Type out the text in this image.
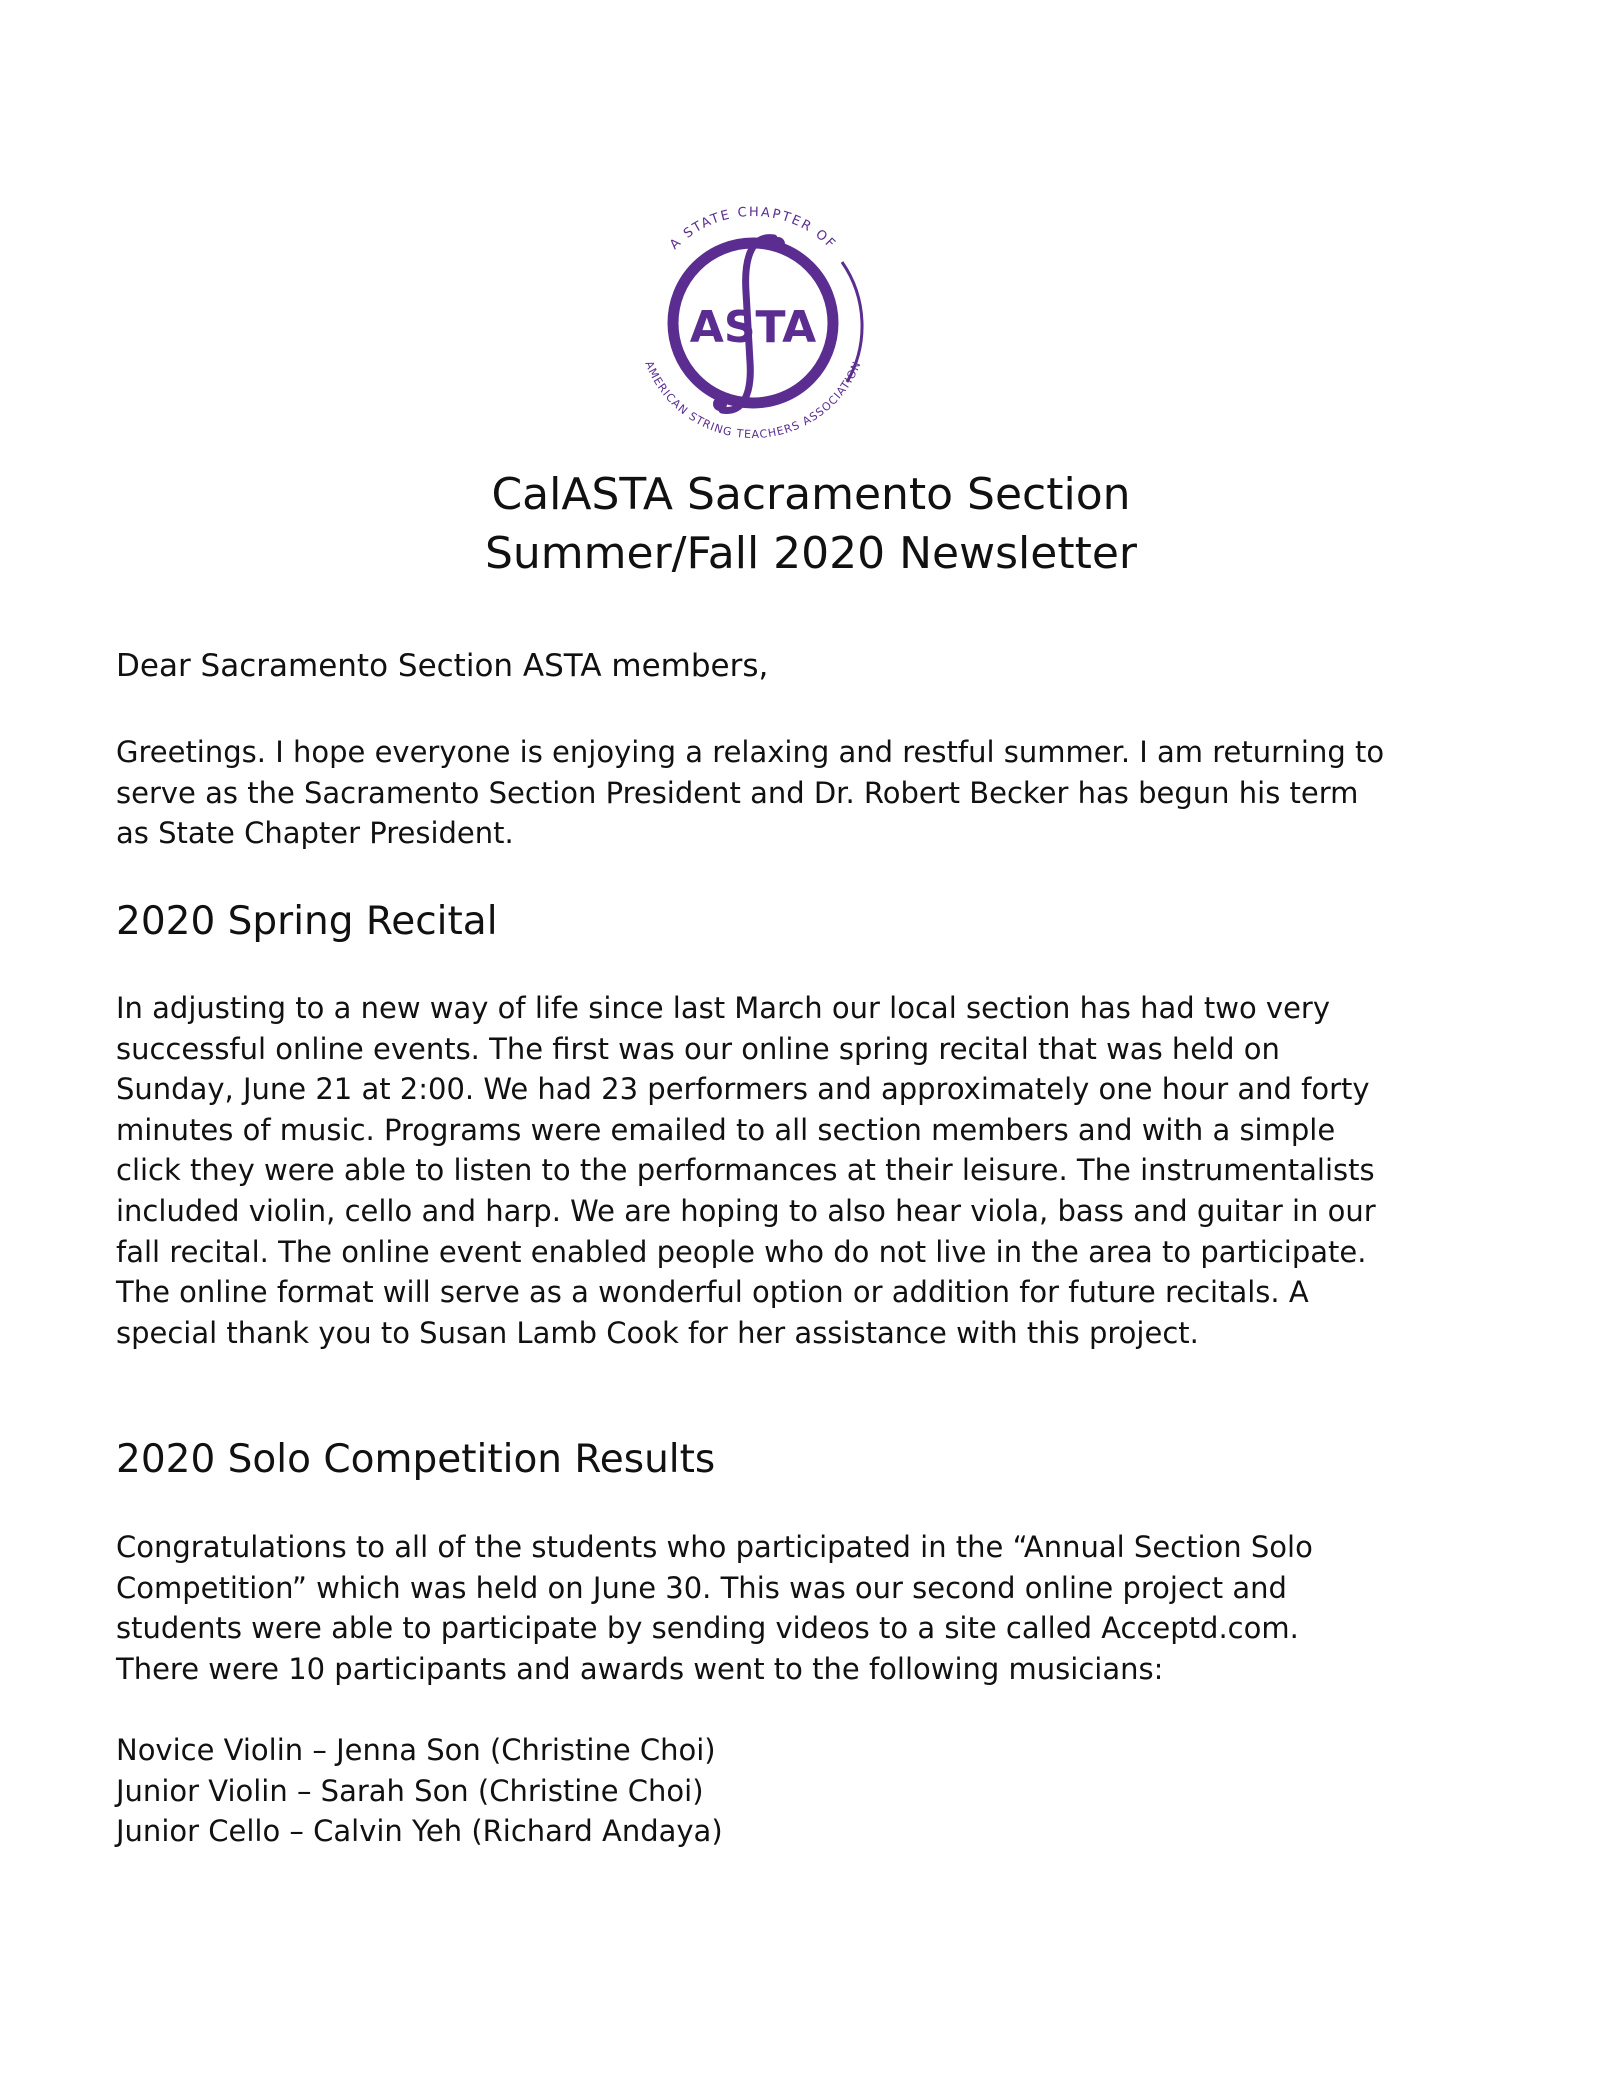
ASTA
A STATE CHAPTER OF
AMERICAN STRING TEACHERS ASSOCIATION
CalASTA Sacramento Section
Summer/Fall 2020 Newsletter

Dear Sacramento Section ASTA members,

Greetings. I hope everyone is enjoying a relaxing and restful summer. I am returning to serve as the Sacramento Section President and Dr. Robert Becker has begun his term as State Chapter President.

2020 Spring Recital

In adjusting to a new way of life since last March our local section has had two very successful online events. The first was our online spring recital that was held on Sunday, June 21 at 2:00. We had 23 performers and approximately one hour and forty minutes of music. Programs were emailed to all section members and with a simple click they were able to listen to the performances at their leisure. The instrumentalists included violin, cello and harp. We are hoping to also hear viola, bass and guitar in our fall recital. The online event enabled people who do not live in the area to participate. The online format will serve as a wonderful option or addition for future recitals. A special thank you to Susan Lamb Cook for her assistance with this project.

2020 Solo Competition Results

Congratulations to all of the students who participated in the “Annual Section Solo Competition” which was held on June 30. This was our second online project and students were able to participate by sending videos to a site called Acceptd.com. There were 10 participants and awards went to the following musicians:

Novice Violin – Jenna Son (Christine Choi)
Junior Violin – Sarah Son (Christine Choi)
Junior Cello – Calvin Yeh (Richard Andaya)
